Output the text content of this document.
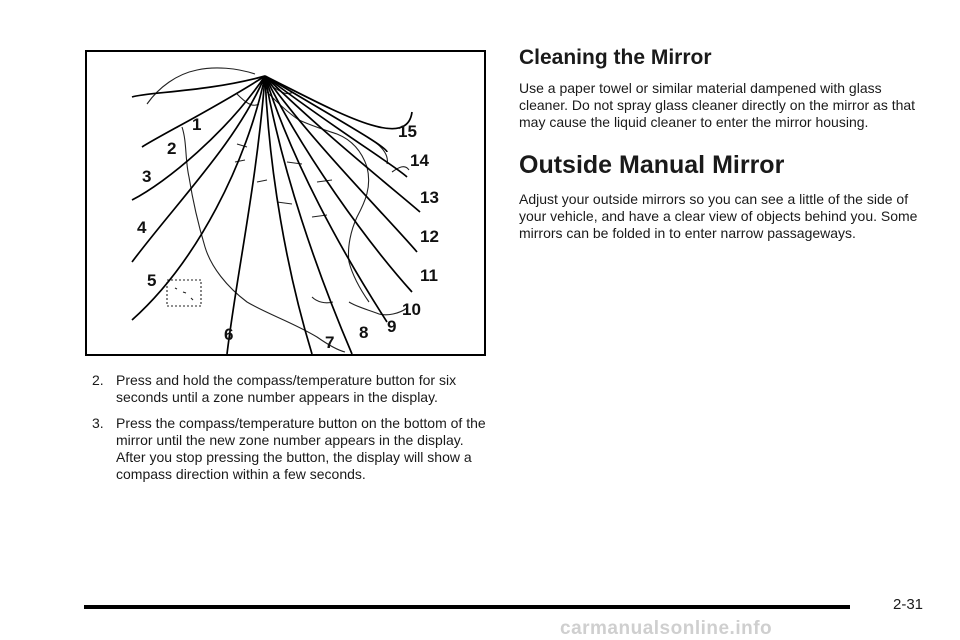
1
2
3
4
5
6	7
8 9
10
11
12
13
14
15
2. Press and hold the compass/temperature button for six seconds until a zone number appears in the display.
3. Press the compass/temperature button on the bottom of the mirror until the new zone number appears in the display. After you stop pressing the button, the display will show a compass direction within a few seconds.
Cleaning the Mirror

Use a paper towel or similar material dampened with glass cleaner. Do not spray glass cleaner directly on the mirror as that may cause the liquid cleaner to enter the mirror housing.

Outside Manual Mirror

Adjust your outside mirrors so you can see a little of the side of your vehicle, and have a clear view of objects behind you. Some mirrors can be folded in to enter narrow passageways.

2-31
carmanualsonline.info
